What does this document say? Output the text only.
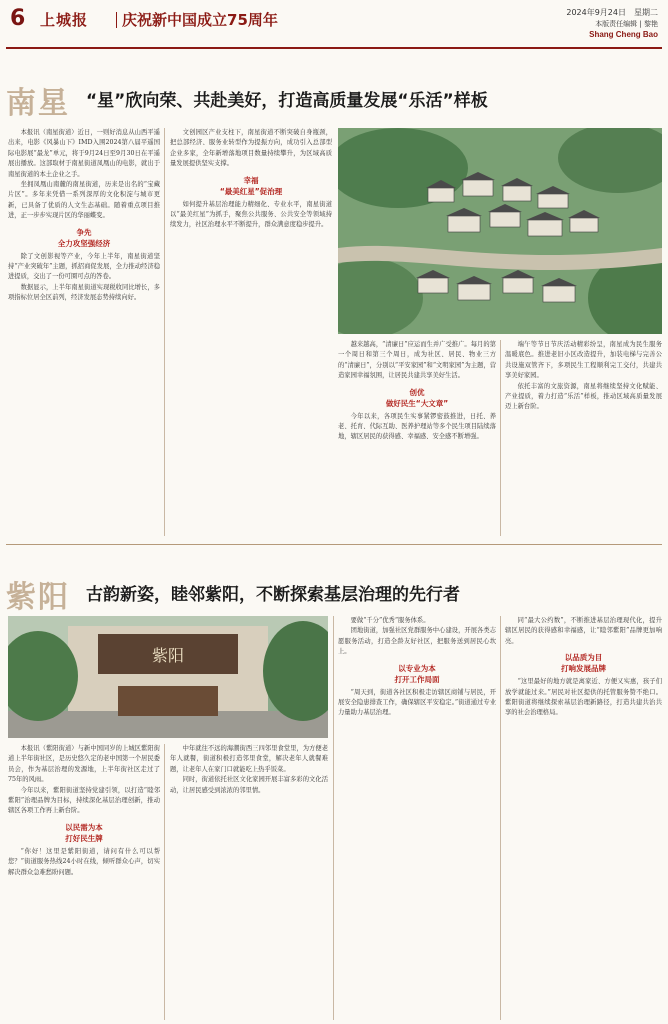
6 上城报 庆祝新中国成立75周年	2024年9月24日　星期二
本版责任编辑 | 黎艳
Shang Cheng Bao
南星 “星”欣向荣、共赴美好，打造高质量发展“乐活”样板

本报讯（南星街道）近日，一则好消息从山西平遥出来，电影《风暴山下》IMD入围2024第八届平遥国际电影展“最龙”单元，将于9月24日至9月30日在平遥展出播放。这部取材于南星街道凤凰山的电影，就出于南星街道的本土企业之手。

坐拥凤凰山南麓的南星街道，历来是出名的“宝藏片区”。多年来凭借一系列深厚的文化积淀与城市更新，已具备了优质的人文生态基础。随着重点项目推进，正一步步实现片区的华丽蝶变。

争先
全力攻坚强经济

除了文创影视等产业，今年上半年，南星街道坚持“产业突破年”主题，抓招商促发展，全力推动经济稳进提质，交出了一份可圈可点的答卷。

数据显示，上半年南星街道实现税收同比增长，多项指标位居全区前列，经济发展态势持续向好。

文创园区产业支柱下，南星街道不断突破自身瓶颈，把总部经济、服务业转型作为提振方向，成功引入总部型企业多家，全年新增落地项目数量持续攀升，为区域高质量发展提供坚实支撑。

幸福
“最美红星”促治理

如何提升基层治理能力精细化、专业水平，南星街道以“最美红星”为抓手，聚焦公共服务、公共安全等领域持续发力，社区治理水平不断提升，群众满意度稳步提升。

越来越高，“清廉日”应运而生并广受推广。每月的第一个周日和第三个周日，成为社区、居民、物业三方的“清廉日”，分别以“平安家园”和“文明家园”为主题，营造家园幸福氛围，让居民共建共享美好生活。

创优
做好民生“大文章”

今年以来，各项民生实事紧锣密鼓推进，日托、养老、托育、代际互助、医养护理站等多个民生项目陆续落地，辖区居民的获得感、幸福感、安全感不断增强。

端午等节日节庆活动精彩纷呈，南星成为民生服务温暖底色。推进老旧小区改造提升，加装电梯与完善公共设施双管齐下，多项民生工程顺利完工交付，共建共享美好家园。

依托丰富的文旅资源，南星将继续坚持文化赋能、产业提质，着力打造“乐活”样板，推动区域高质量发展迈上新台阶。

紫阳 古韵新姿，睦邻紫阳，不断探索基层治理的先行者
紫阳

本报讯（紫阳街道）与新中国同岁的上城区紫阳街道上半年街社区，是历史悠久定的老中国第一个居民委员会，作为基层治理的发源地，上半年街社区走过了75年的风雨。

今年以来，紫阳街道坚持党建引领，以打造“睦邻紫阳”治理品牌为目标，持续深化基层治理创新，推动辖区各项工作再上新台阶。

以民需为本
打好民生牌

“你好！这里是紫阳街道，请问有什么可以帮您？”街道服务热线24小时在线，倾听群众心声，切实解决群众急难愁盼问题。

中年就往不远的海潮街西三四邻里食堂里，为方便老年人就餐，街道积极打造邻里食堂，解决老年人就餐难题，让老年人在家门口就能吃上热乎饭菜。

同时，街道依托社区文化家园开展丰富多彩的文化活动，让居民感受到浓浓的邻里情。

要做“千分”优秀“服务体系。

团地街道，加强社区党群服务中心建设，开展各类志愿服务活动，打造全龄友好社区，把服务送到居民心坎上。

以专业为本
打开工作局面

“周天到，街道各社区积极走访辖区商铺与居民，开展安全隐患排查工作，确保辖区平安稳定。”街道通过专业力量助力基层治理。

同“最大公约数”，不断推进基层治理现代化，提升辖区居民的获得感和幸福感，让“睦邻紫阳”品牌更加响亮。

以品质为目
打响发展品牌

“这里最好的地方就是离家近、方便又实惠，孩子们放学就能过来。”居民对社区提供的托管服务赞不绝口。紫阳街道将继续探索基层治理新路径，打造共建共治共享的社会治理格局。
